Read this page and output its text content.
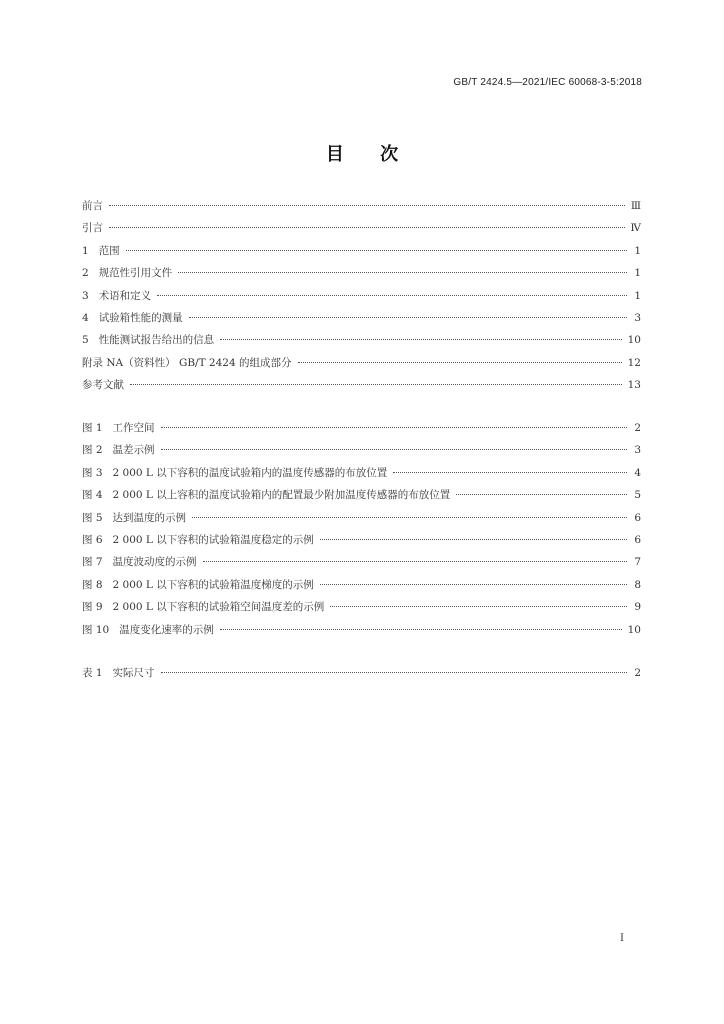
GB/T 2424.5—2021/IEC 60068-3-5:2018
目 次
前言	Ⅲ
引言	Ⅳ
1 范围	1
2 规范性引用文件	1
3 术语和定义	1
4 试验箱性能的测量	3
5 性能测试报告给出的信息	10
附录 NA（资料性） GB/T 2424 的组成部分	12
参考文献	13
图 1 工作空间	2
图 2 温差示例	3
图 3 2 000 L 以下容积的温度试验箱内的温度传感器的布放位置	4
图 4 2 000 L 以上容积的温度试验箱内的配置最少附加温度传感器的布放位置	5
图 5 达到温度的示例	6
图 6 2 000 L 以下容积的试验箱温度稳定的示例	6
图 7 温度波动度的示例	7
图 8 2 000 L 以下容积的试验箱温度梯度的示例	8
图 9 2 000 L 以下容积的试验箱空间温度差的示例	9
图 10 温度变化速率的示例	10
表 1 实际尺寸	2
I
